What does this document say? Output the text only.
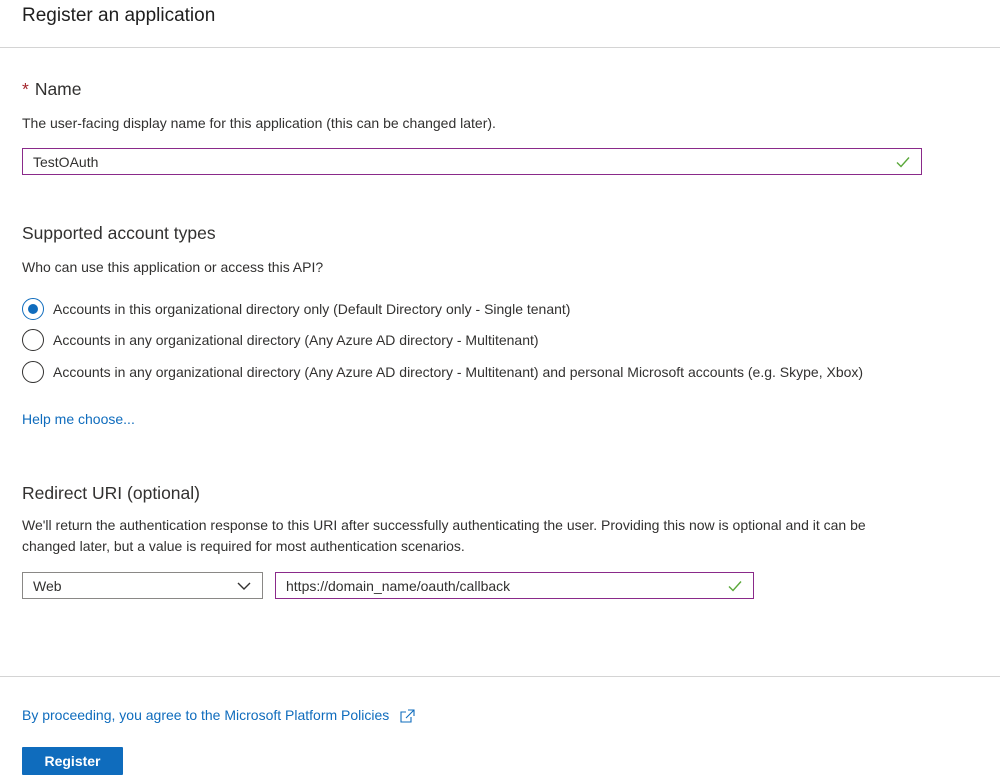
Register an application
* Name
The user-facing display name for this application (this can be changed later).
TestOAuth
Supported account types
Who can use this application or access this API?
Accounts in this organizational directory only (Default Directory only - Single tenant)
Accounts in any organizational directory (Any Azure AD directory - Multitenant)
Accounts in any organizational directory (Any Azure AD directory - Multitenant) and personal Microsoft accounts (e.g. Skype, Xbox)
Help me choose...
Redirect URI (optional)
We'll return the authentication response to this URI after successfully authenticating the user. Providing this now is optional and it can be
changed later, but a value is required for most authentication scenarios.
Web	https://domain_name/oauth/callback
By proceeding, you agree to the Microsoft Platform Policies
Register
